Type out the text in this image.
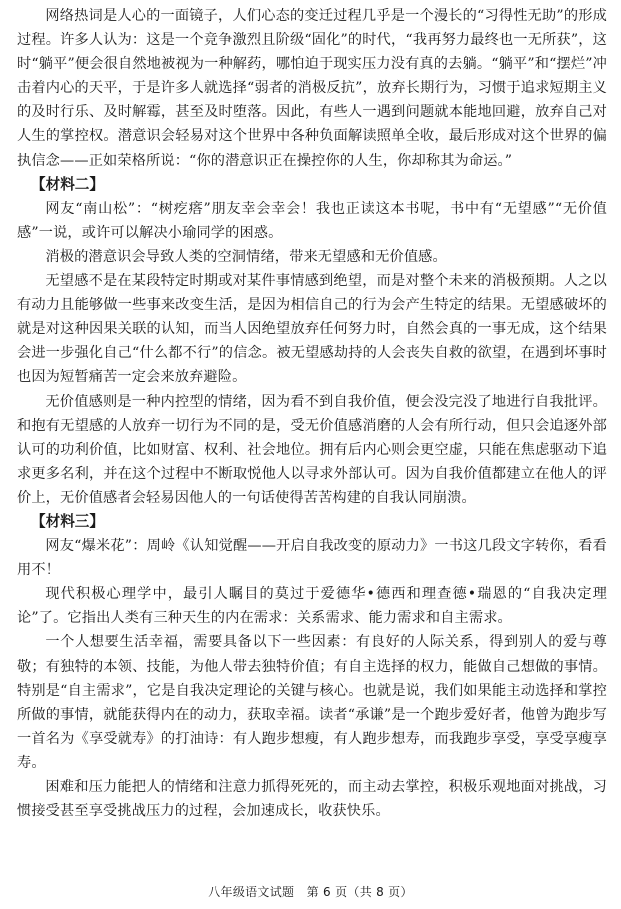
网络热词是人心的一面镜子，人们心态的变迁过程几乎是一个漫长的“习得性无助”的形成过程。许多人认为：这是一个竞争激烈且阶级“固化”的时代，“我再努力最终也一无所获”，这时“躺平”便会很自然地被视为一种解药，哪怕迫于现实压力没有真的去躺。“躺平”和“摆烂”冲击着内心的天平，于是许多人就选择“弱者的消极反抗”，放弃长期行为，习惯于追求短期主义的及时行乐、及时解霉，甚至及时堕落。因此，有些人一遇到问题就本能地回避，放弃自己对人生的掌控权。潜意识会轻易对这个世界中各种负面解读照单全收，最后形成对这个世界的偏执信念——正如荣格所说：“你的潜意识正在操控你的人生，你却称其为命运。”

【材料二】

网友“南山松”：“树疙瘩”朋友幸会幸会！我也正读这本书呢，书中有“无望感”“无价值感”一说，或许可以解决小瑜同学的困惑。

消极的潜意识会导致人类的空洞情绪，带来无望感和无价值感。

无望感不是在某段特定时期或对某件事情感到绝望，而是对整个未来的消极预期。人之以有动力且能够做一些事来改变生活，是因为相信自己的行为会产生特定的结果。无望感破坏的就是对这种因果关联的认知，而当人因绝望放弃任何努力时，自然会真的一事无成，这个结果会进一步强化自己“什么都不行”的信念。被无望感劫持的人会丧失自救的欲望，在遇到坏事时也因为短暂痛苦一定会来放弃避险。

无价值感则是一种内控型的情绪，因为看不到自我价值，便会没完没了地进行自我批评。和抱有无望感的人放弃一切行为不同的是，受无价值感消磨的人会有所行动，但只会追逐外部认可的功利价值，比如财富、权利、社会地位。拥有后内心则会更空虚，只能在焦虑驱动下追求更多名利，并在这个过程中不断取悦他人以寻求外部认可。因为自我价值都建立在他人的评价上，无价值感者会轻易因他人的一句话使得苦苦构建的自我认同崩溃。

【材料三】

网友“爆米花”：周岭《认知觉醒——开启自我改变的原动力》一书这几段文字转你，看看用不！

现代积极心理学中，最引人瞩目的莫过于爱德华•德西和理查德•瑞恩的“自我决定理论”了。它指出人类有三种天生的内在需求：关系需求、能力需求和自主需求。

一个人想要生活幸福，需要具备以下一些因素：有良好的人际关系，得到别人的爱与尊敬；有独特的本领、技能，为他人带去独特价值；有自主选择的权力，能做自己想做的事情。特别是“自主需求”，它是自我决定理论的关键与核心。也就是说，我们如果能主动选择和掌控所做的事情，就能获得内在的动力，获取幸福。读者“承谦”是一个跑步爱好者，他曾为跑步写一首名为《享受就寿》的打油诗：有人跑步想瘦，有人跑步想寿，而我跑步享受，享受享瘦享寿。

困难和压力能把人的情绪和注意力抓得死死的，而主动去掌控，积极乐观地面对挑战，习惯接受甚至享受挑战压力的过程，会加速成长，收获快乐。

八年级语文试题　第 6 页（共 8 页）
